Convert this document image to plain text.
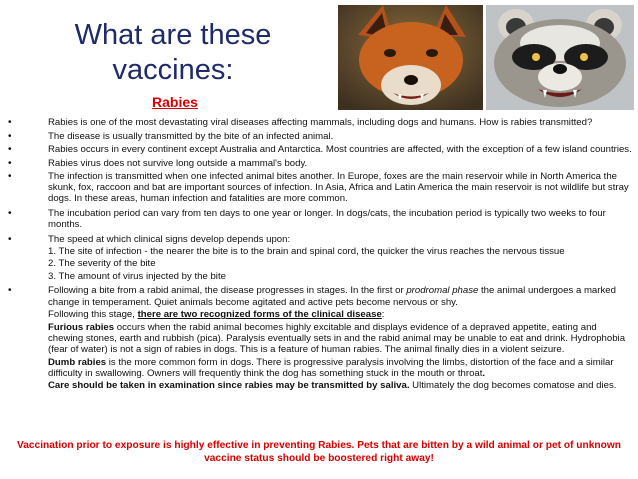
What are these vaccines:
Rabies
•	Rabies is one of the most devastating viral diseases affecting mammals, including dogs and humans. How is rabies transmitted?
•	The disease is usually transmitted by the bite of an infected animal.
•	Rabies occurs in every continent except Australia and Antarctica. Most countries are affected, with the exception of a few island countries.
•	Rabies virus does not survive long outside a mammal's body.
•	The infection is transmitted when one infected animal bites another. In Europe, foxes are the main reservoir while in North America the skunk, fox, raccoon and bat are important sources of infection. In Asia, Africa and Latin America the main reservoir is not wildlife but stray dogs. In these areas, human infection and fatalities are more common.
•	The incubation period can vary from ten days to one year or longer. In dogs/cats, the incubation period is typically two weeks to four months.
•	The speed at which clinical signs develop depends upon:
1. The site of infection - the nearer the bite is to the brain and spinal cord, the quicker the virus reaches the nervous tissue
2. The severity of the bite
3. The amount of virus injected by the bite
•	Following a bite from a rabid animal, the disease progresses in stages. In the first or prodromal phase the animal undergoes a marked change in temperament. Quiet animals become agitated and active pets become nervous or shy.
Following this stage, there are two recognized forms of the clinical disease:
Furious rabies occurs when the rabid animal becomes highly excitable and displays evidence of a depraved appetite, eating and chewing stones, earth and rubbish (pica). Paralysis eventually sets in and the rabid animal may be unable to eat and drink. Hydrophobia (fear of water) is not a sign of rabies in dogs. This is a feature of human rabies. The animal finally dies in a violent seizure.
Dumb rabies is the more common form in dogs. There is progressive paralysis involving the limbs, distortion of the face and a similar difficulty in swallowing. Owners will frequently think the dog has something stuck in the mouth or throat.
Care should be taken in examination since rabies may be transmitted by saliva. Ultimately the dog becomes comatose and dies.
Vaccination prior to exposure is highly effective in preventing Rabies. Pets that are bitten by a wild animal or pet of unknown vaccine status should be boostered right away!
